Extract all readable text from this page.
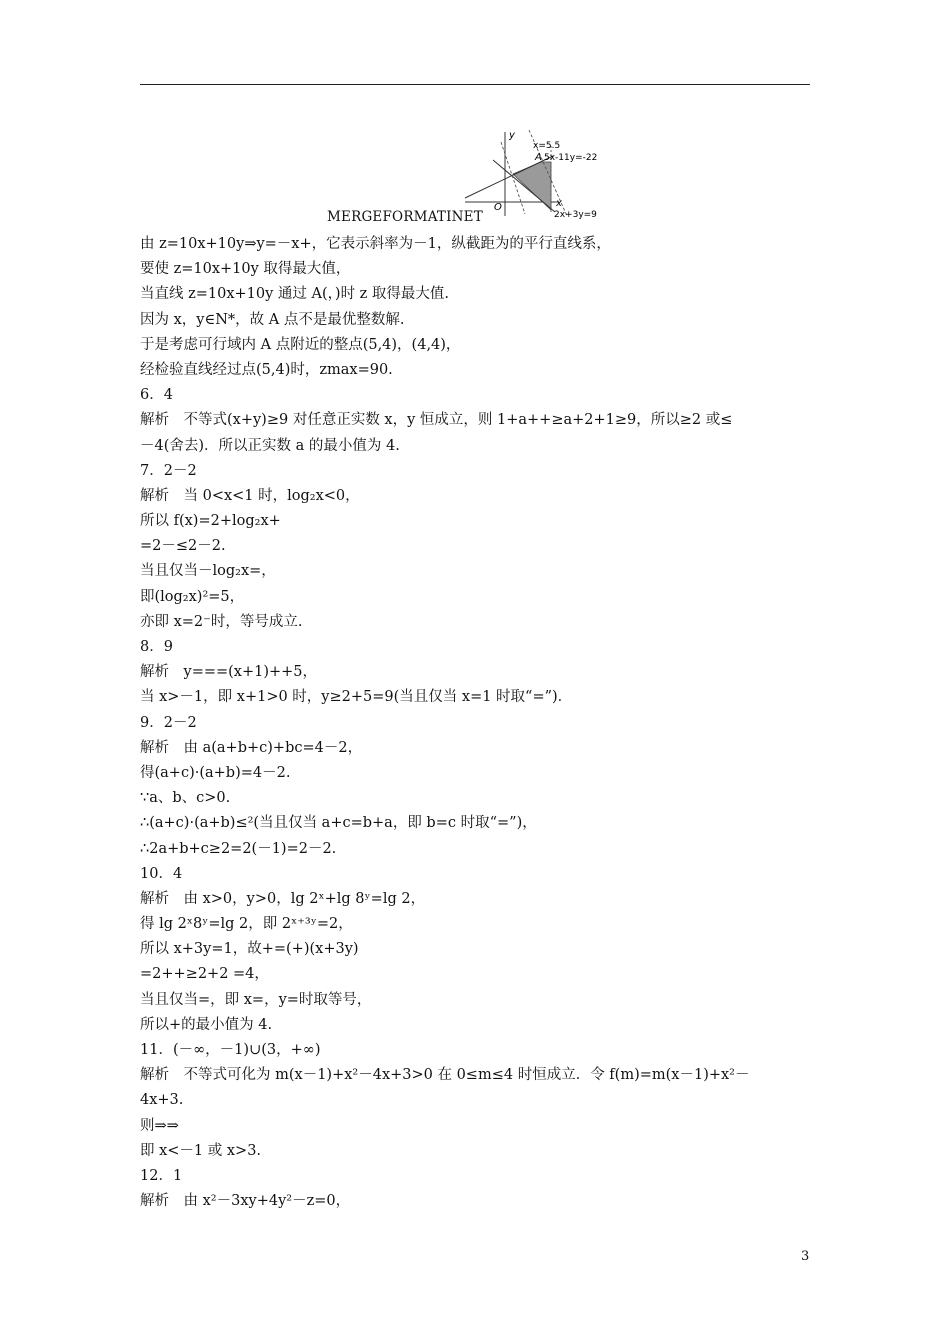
y
x
O
A
x=5.5
5x-11y=-22
2x+3y=9
MERGEFORMATINET
由 z=10x+10y⇒y=－x+，它表示斜率为－1，纵截距为的平行直线系，
要使 z=10x+10y 取得最大值，
当直线 z=10x+10y 通过 A(，)时 z 取得最大值.
因为 x，y∈N*，故 A 点不是最优整数解.
于是考虑可行域内 A 点附近的整点(5,4)，(4,4)，
经检验直线经过点(5,4)时，zmax=90.
6．4
解析　不等式(x+y)≥9 对任意正实数 x，y 恒成立，则 1+a++≥a+2+1≥9，所以≥2 或≤
－4(舍去)．所以正实数 a 的最小值为 4.
7．2－2
解析　当 0<x<1 时，log₂x<0，
所以 f(x)=2+log₂x+
=2－≤2－2.
当且仅当－log₂x=，
即(log₂x)²=5，
亦即 x=2⁻时，等号成立.
8．9
解析　y===(x+1)++5，
当 x>－1，即 x+1>0 时，y≥2+5=9(当且仅当 x=1 时取“=”)．
9．2－2
解析　由 a(a+b+c)+bc=4－2，
得(a+c)·(a+b)=4－2.
∵a、b、c>0.
∴(a+c)·(a+b)≤²(当且仅当 a+c=b+a，即 b=c 时取“=”)，
∴2a+b+c≥2=2(－1)=2－2.
10．4
解析　由 x>0，y>0，lg 2ˣ+lg 8ʸ=lg 2，
得 lg 2ˣ8ʸ=lg 2，即 2ˣ⁺³ʸ=2，
所以 x+3y=1，故+=(+)(x+3y)
=2++≥2+2 =4，
当且仅当=，即 x=，y=时取等号，
所以+的最小值为 4.
11．(－∞，－1)∪(3，+∞)
解析　不等式可化为 m(x－1)+x²－4x+3>0 在 0≤m≤4 时恒成立．令 f(m)=m(x－1)+x²－
4x+3.
则⇒⇒
即 x<－1 或 x>3.
12．1
解析　由 x²－3xy+4y²－z=0，
3
